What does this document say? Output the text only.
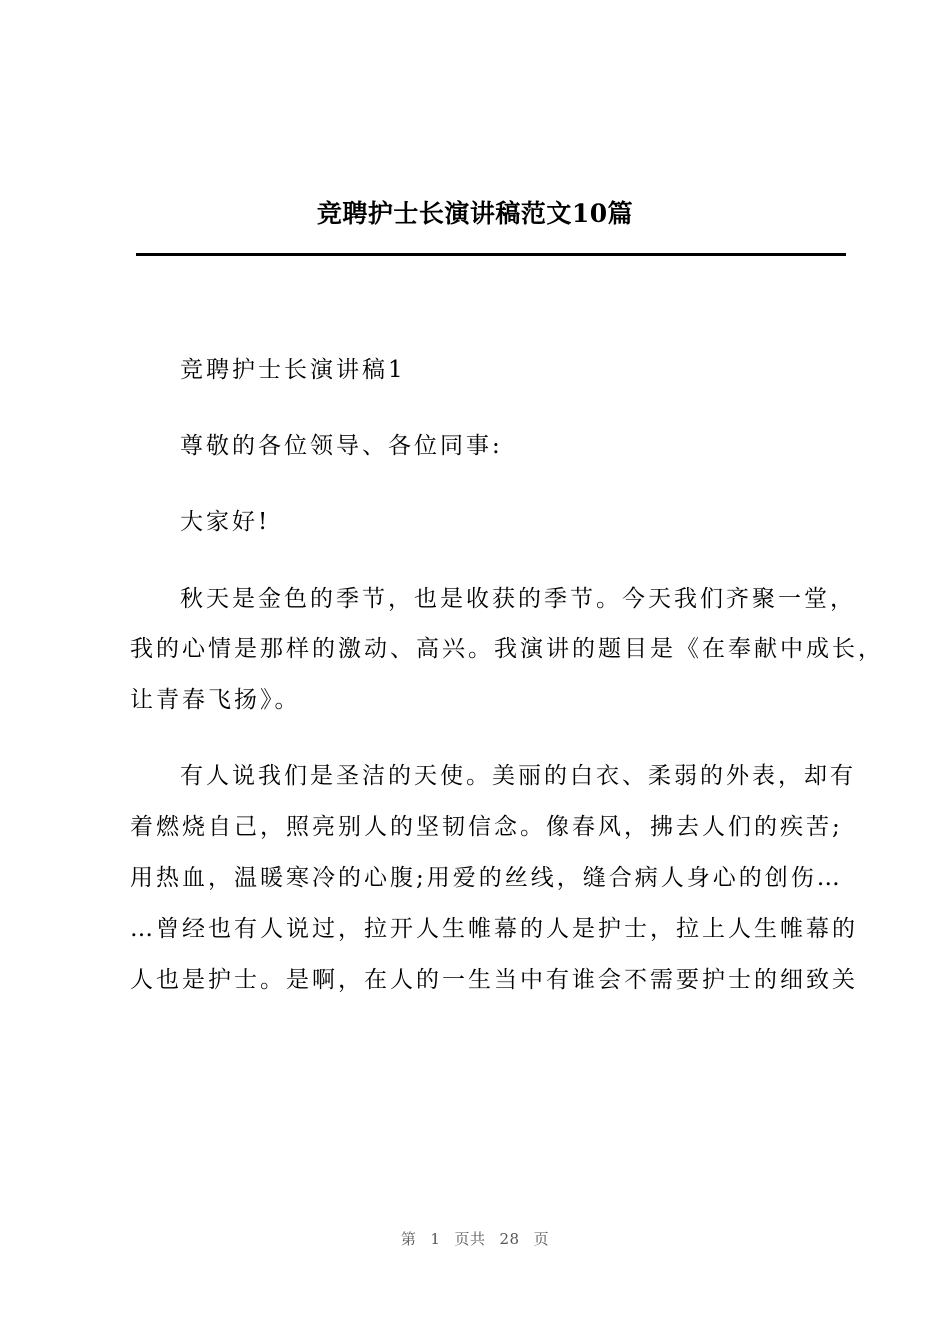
竞聘护士长演讲稿范文10篇

竞聘护士长演讲稿1

尊敬的各位领导、各位同事:

大家好!

秋天是金色的季节，也是收获的季节。今天我们齐聚一堂，
我的心情是那样的激动、高兴。我演讲的题目是《在奉献中成长，
让青春飞扬》。

有人说我们是圣洁的天使。美丽的白衣、柔弱的外表，却有
着燃烧自己，照亮别人的坚韧信念。像春风，拂去人们的疾苦;
用热血，温暖寒冷的心腹;用爱的丝线，缝合病人身心的创伤…
…曾经也有人说过，拉开人生帷幕的人是护士，拉上人生帷幕的
人也是护士。是啊，在人的一生当中有谁会不需要护士的细致关

第 1 页共 28 页
